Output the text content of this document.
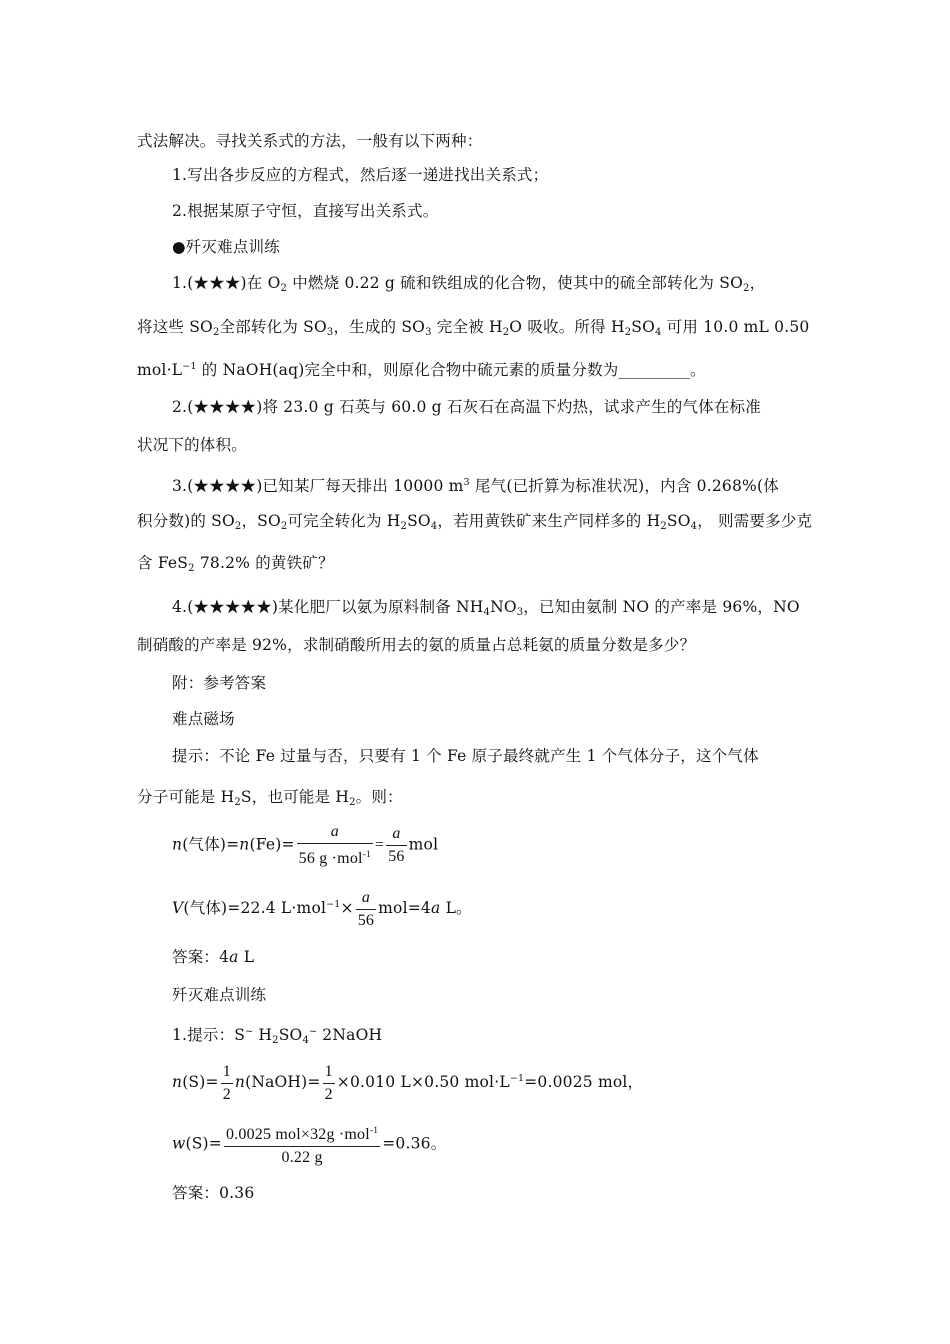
式法解决。寻找关系式的方法，一般有以下两种：
1.写出各步反应的方程式，然后逐一递进找出关系式；
2.根据某原子守恒，直接写出关系式。
●歼灭难点训练
1.(★★★)在 $O_2$ 中燃烧 0.22 g 硫和铁组成的化合物，使其中的硫全部转化为 $SO_2$，
将这些 $SO_2$全部转化为 $SO_3$，生成的 $SO_3$ 完全被 $H_2O$ 吸收。所得 $H_2SO_4$ 可用 10.0 mL 0.50
$mol\cdot L^{-1}$ 的 NaOH(aq)完全中和，则原化合物中硫元素的质量分数为_________。
2.(★★★★)将 23.0 g 石英与 60.0 g 石灰石在高温下灼热，试求产生的气体在标准
状况下的体积。
3.(★★★★)已知某厂每天排出 10000 $m^3$ 尾气(已折算为标准状况)，内含 0.268%(体
积分数)的 $SO_2$，$SO_2$可完全转化为 $H_2SO_4$，若用黄铁矿来生产同样多的 $H_2SO_4$， 则需要多少克
含 FeS$_2$ 78.2% 的黄铁矿？
4.(★★★★★)某化肥厂以氨为原料制备 $NH_4NO_3$，已知由氨制 NO 的产率是 96%，NO
制硝酸的产率是 92%，求制硝酸所用去的氨的质量占总耗氨的质量分数是多少？
附：参考答案
难点磁场
提示：不论 Fe 过量与否，只要有 1 个 Fe 原子最终就产生 1 个气体分子，这个气体
分子可能是 $H_2S$，也可能是 $H_2$。则：
n(气体)$=n(Fe)= \frac{a}{56 g \cdot mol^{-1}} = \frac{a}{56}$ mol
V(气体)=22.4 $L\cdot mol^{-1}\times \frac{a}{56} mol=4a$ L。
答案：4a L
歼灭难点训练
1.提示：S~ $H_2SO_4^\sim$ 2NaOH
$n(S)= \frac{1}{2}$ n(NaOH)= $\frac{1}{2} \times 0.010$ L×0.50 $mol\cdot L^{-1}=0.0025$ mol，
$w(S)= \frac{0.0025 mol\times 32g \cdot mol^{-1}}{0.22 g} =0.36$。
答案：0.36
